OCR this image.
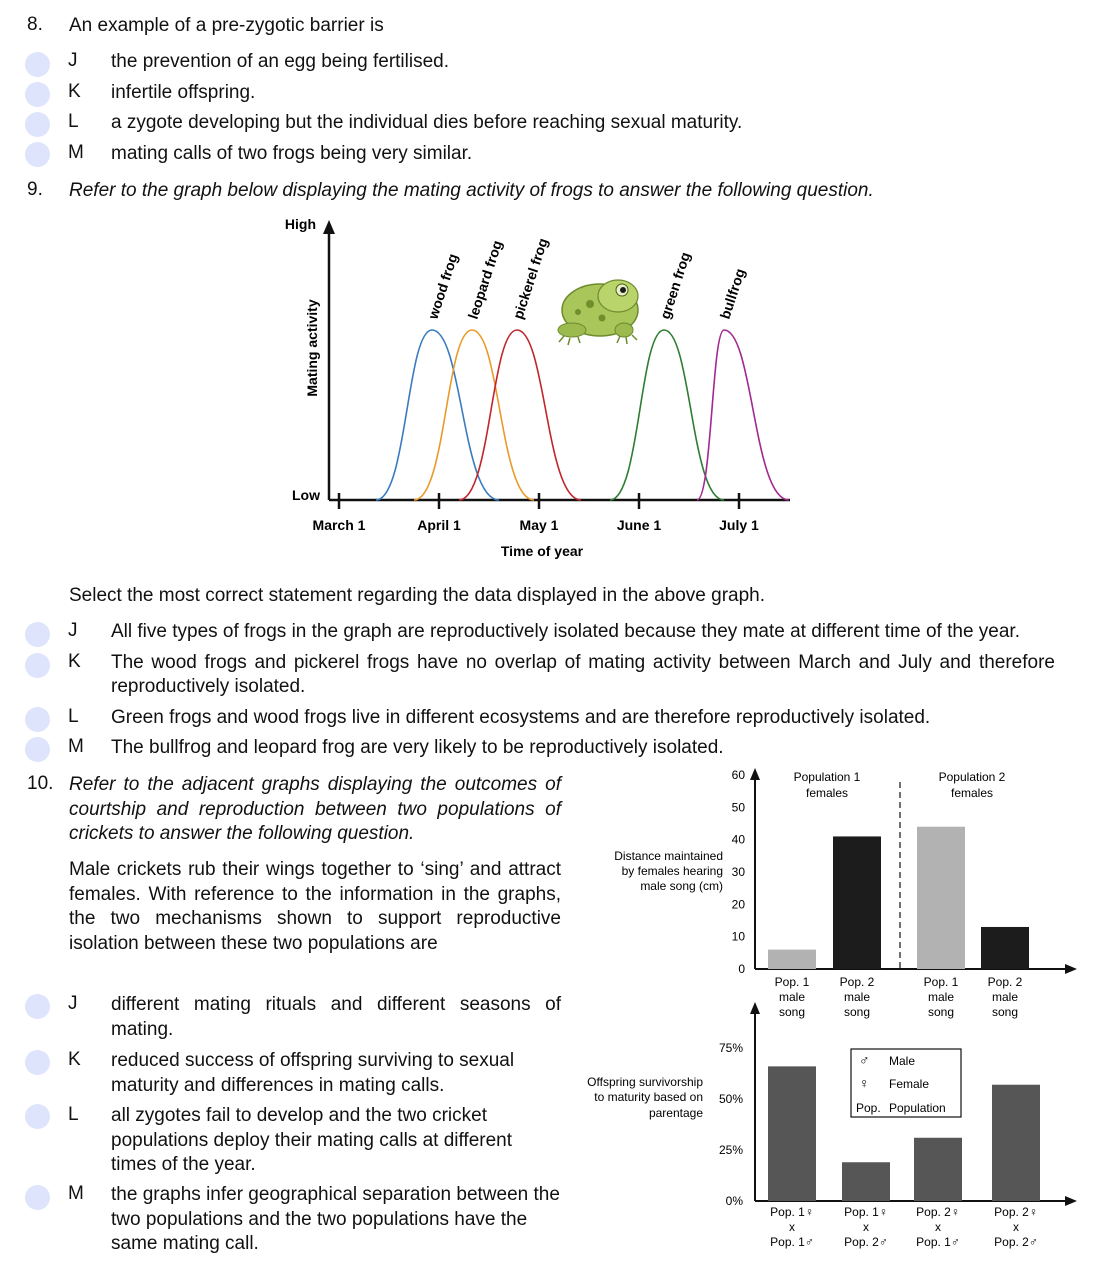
8. An example of a pre-zygotic barrier is
J the prevention of an egg being fertilised.
K infertile offspring.
L a zygote developing but the individual dies before reaching sexual maturity.
M mating calls of two frogs being very similar.
9. Refer to the graph below displaying the mating activity of frogs to answer the following question.
High
Low
Mating activity
Time of year
March 1	April 1	May 1	June 1	July 1
wood frog leopard frog pickerel frog	green frog bullfrog
Select the most correct statement regarding the data displayed in the above graph.
J All five types of frogs in the graph are reproductively isolated because they mate at different time of the year.
K The wood frogs and pickerel frogs have no overlap of mating activity between March and July and therefore reproductively isolated.
L Green frogs and wood frogs live in different ecosystems and are therefore reproductively isolated.
M The bullfrog and leopard frog are very likely to be reproductively isolated.
10. Refer to the adjacent graphs displaying the outcomes of courtship and reproduction between two populations of crickets to answer the following question.
Male crickets rub their wings together to ‘sing’ and attract females. With reference to the information in the graphs, the two mechanisms shown to support reproductive isolation between these two populations are
J different mating rituals and different seasons of mating.
K reduced success of offspring surviving to sexual maturity and differences in mating calls.
L all zygotes fail to develop and the two cricket populations deploy their mating calls at different times of the year.
M the graphs infer geographical separation between the two populations and the two populations have the same mating call.
0
10
20
30
40
50
60
Pop. 1
male
song
Pop. 2
male
song
Pop. 1
male
song
Pop. 2
male
song
Population 1
females
Population 2
females
Distance maintained
by females hearing
male song (cm)
0%
25%
50%
75%
Pop. 1♀
x
Pop. 1♂
Pop. 1♀
x
Pop. 2♂
Pop. 2♀
x
Pop. 1♂
Pop. 2♀
x
Pop. 2♂
Offspring survivorship
to maturity based on
parentage
♂ Male
♀ Female
Pop. Population
